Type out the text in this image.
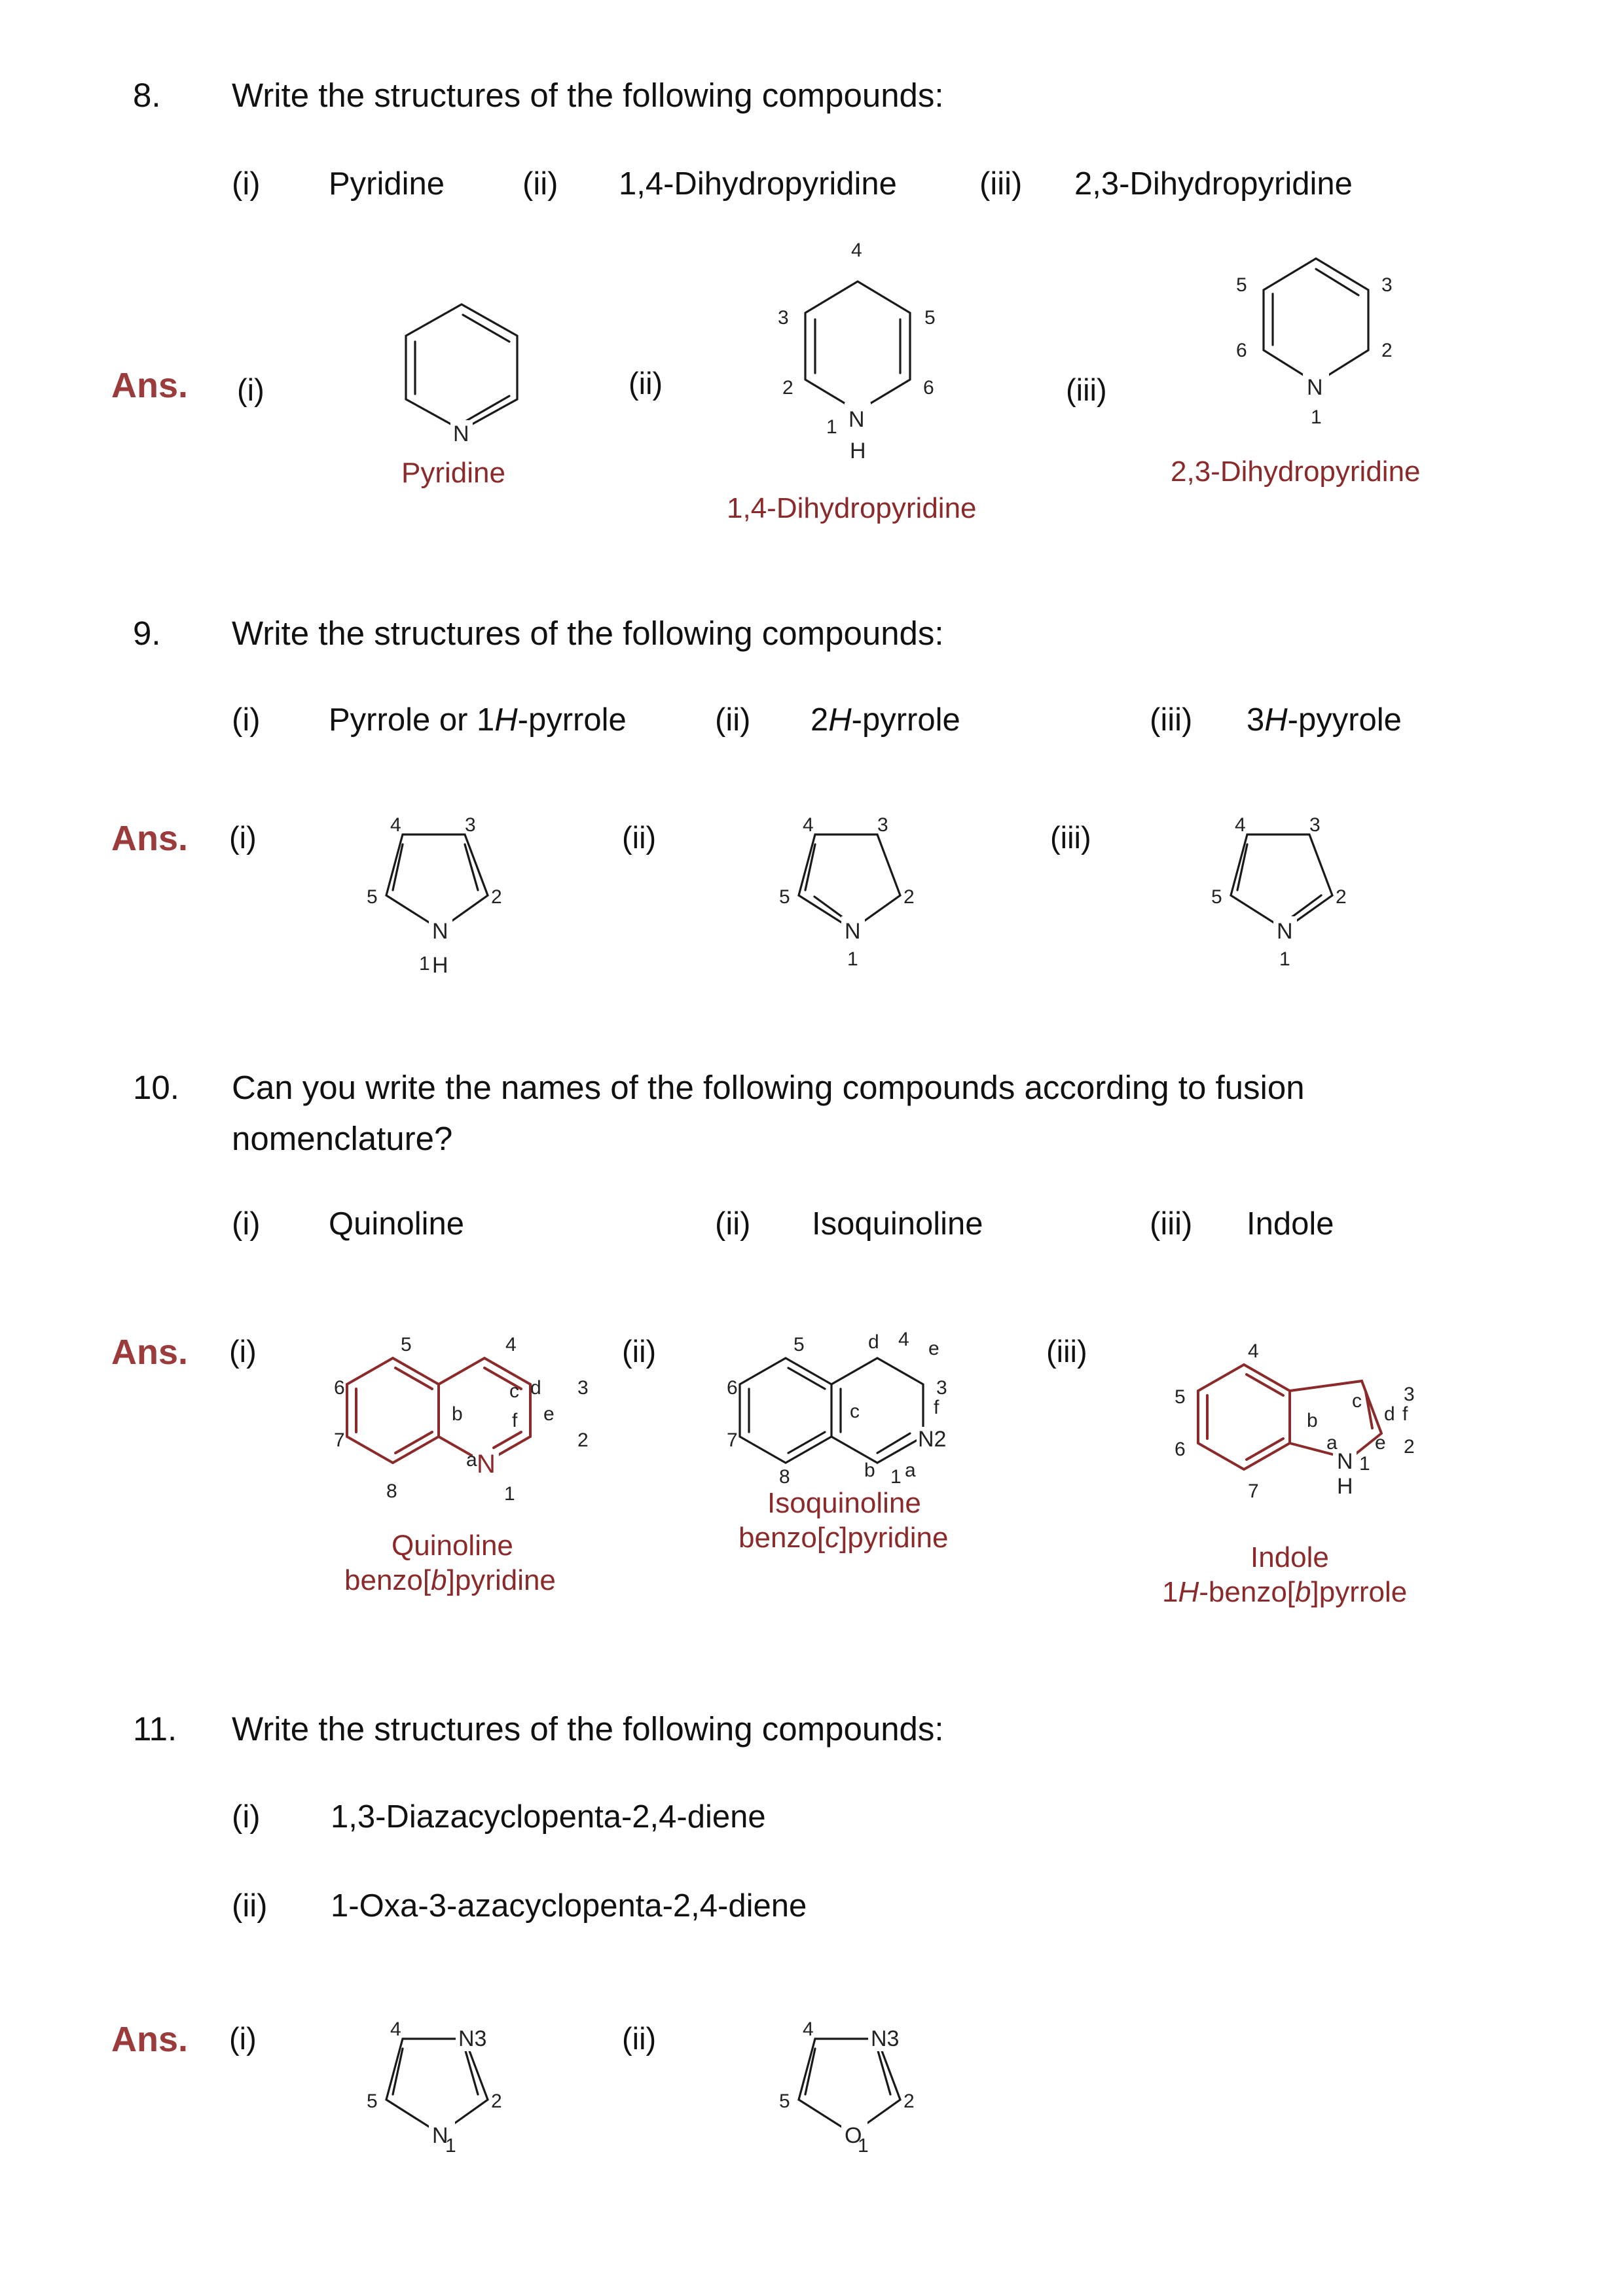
8. Write the structures of the following compounds:
(i) Pyridine (ii) 1,4-Dihydropyridine	(iii) 2,3-Dihydropyridine
Ans. (i)	(ii)	(iii)
N
Pyridine
4
3	5
2	6
1 N
H
1,4-Dihydropyridine
5	3
6	2
N
1
2,3-Dihydropyridine
9. Write the structures of the following compounds:
(i) Pyrrole or 1H-pyrrole	(ii) 2H-pyrrole	(iii) 3H-pyyrole
Ans. (i)	(ii)	(iii)
4	3
5	2
N
1 H
4	3
5	2
N
1
4	3
5	2
N
1
10. Can you write the names of the following compounds according to fusion
nomenclature?
(i) Quinoline	(ii) Isoquinoline	(iii) Indole
Ans. (i)	(ii)	(iii)
5	4
6
7
8
3
2
1
N
c d
b	f e
a
Quinoline
benzo[b]pyridine
5	d 4 e
6
7
3
f
N2
c
8	b 1 a
Isoquinoline
benzo[c]pyridine
4
5
6
7
b
c
d f
3
2
a e
N 1
H
Indole
1H-benzo[b]pyrrole
11. Write the structures of the following compounds:
(i) 1,3-Diazacyclopenta-2,4-diene
(ii) 1-Oxa-3-azacyclopenta-2,4-diene
Ans. (i)	(ii)
4	N3
5	2
N
1
4	N3
5	2
O
1
